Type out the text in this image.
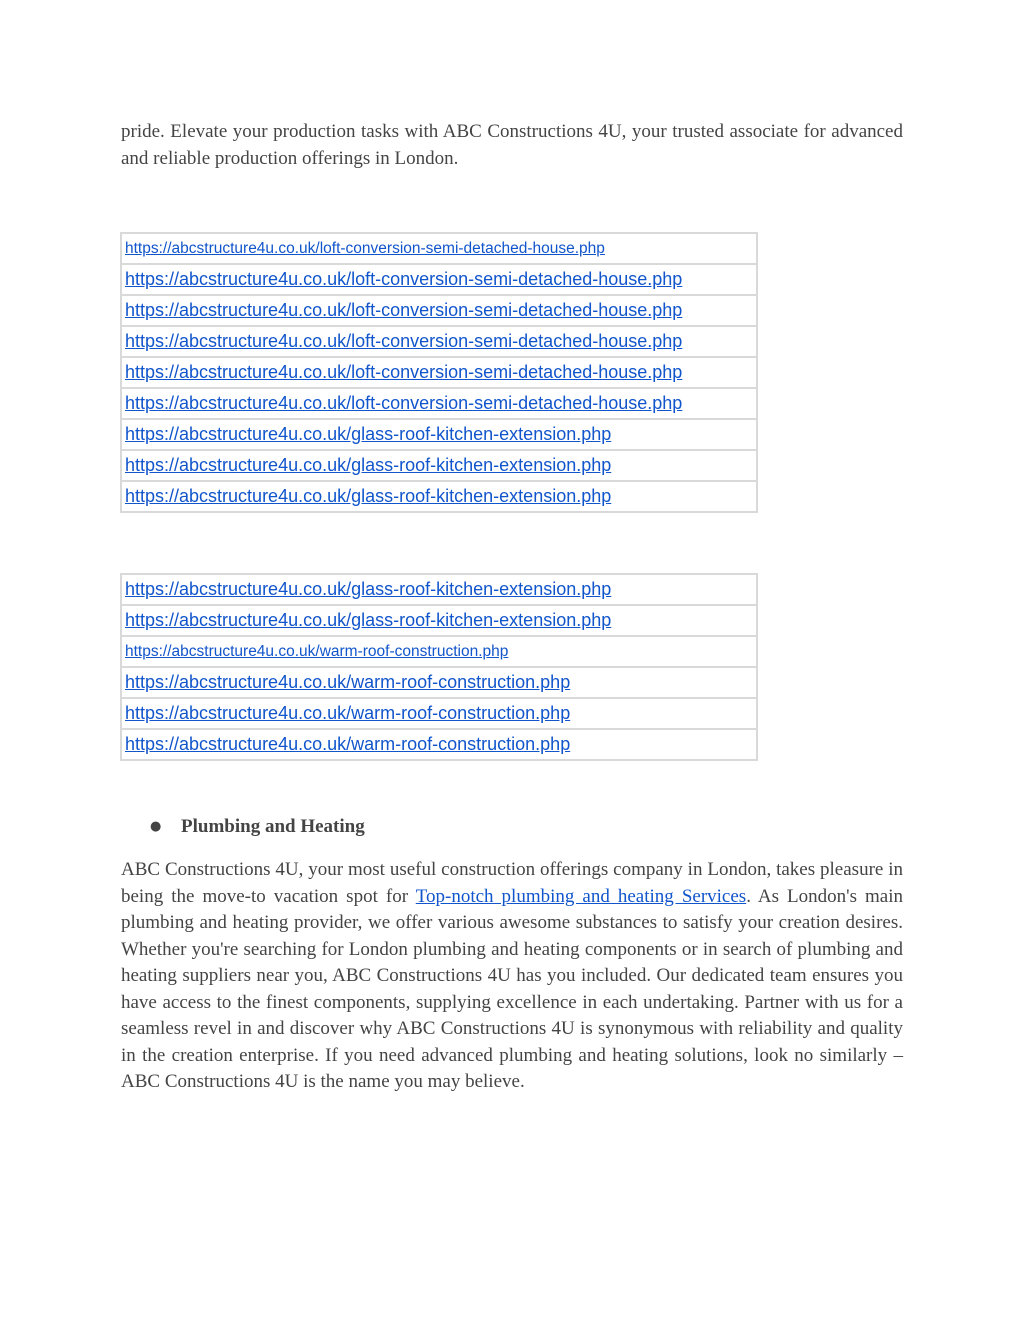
pride. Elevate your production tasks with ABC Constructions 4U, your trusted associate for advanced and reliable production offerings in London.

https://abcstructure4u.co.uk/loft-conversion-semi-detached-house.php
https://abcstructure4u.co.uk/loft-conversion-semi-detached-house.php
https://abcstructure4u.co.uk/loft-conversion-semi-detached-house.php
https://abcstructure4u.co.uk/loft-conversion-semi-detached-house.php
https://abcstructure4u.co.uk/loft-conversion-semi-detached-house.php
https://abcstructure4u.co.uk/loft-conversion-semi-detached-house.php
https://abcstructure4u.co.uk/glass-roof-kitchen-extension.php
https://abcstructure4u.co.uk/glass-roof-kitchen-extension.php
https://abcstructure4u.co.uk/glass-roof-kitchen-extension.php
https://abcstructure4u.co.uk/glass-roof-kitchen-extension.php
https://abcstructure4u.co.uk/glass-roof-kitchen-extension.php
https://abcstructure4u.co.uk/warm-roof-construction.php
https://abcstructure4u.co.uk/warm-roof-construction.php
https://abcstructure4u.co.uk/warm-roof-construction.php
https://abcstructure4u.co.uk/warm-roof-construction.php

● Plumbing and Heating

ABC Constructions 4U, your most useful construction offerings company in London, takes pleasure in being the move-to vacation spot for Top-notch plumbing and heating Services. As London's main plumbing and heating provider, we offer various awesome substances to satisfy your creation desires. Whether you're searching for London plumbing and heating components or in search of plumbing and heating suppliers near you, ABC Constructions 4U has you included. Our dedicated team ensures you have access to the finest components, supplying excellence in each undertaking. Partner with us for a seamless revel in and discover why ABC Constructions 4U is synonymous with reliability and quality in the creation enterprise. If you need advanced plumbing and heating solutions, look no similarly – ABC Constructions 4U is the name you may believe.
